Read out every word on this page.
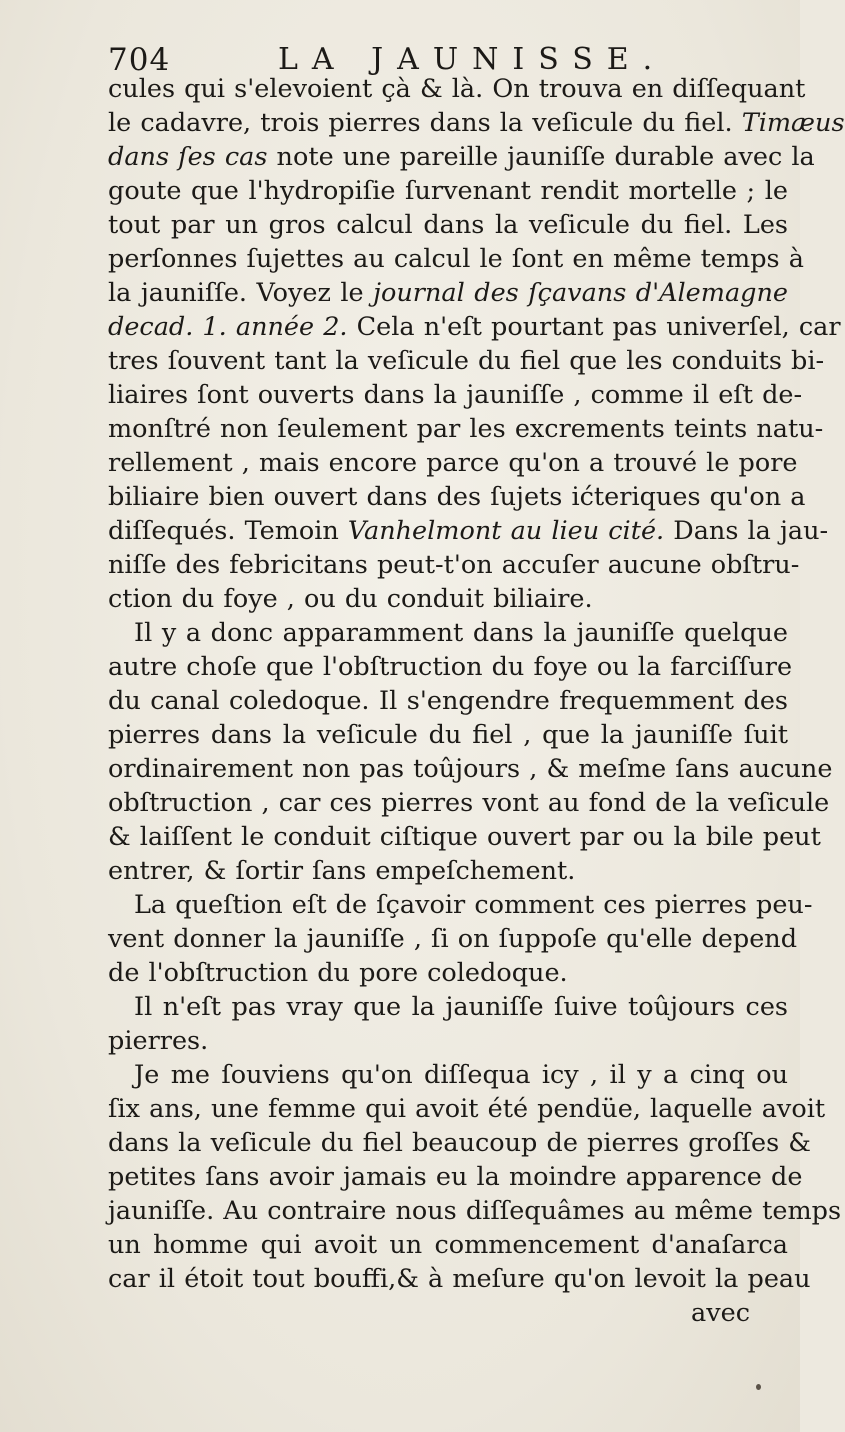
704	LA JAUNISSE.
cules qui s'elevoient çà & là. On trouva en diſſequant
le cadavre, trois pierres dans la veſicule du fiel. Timæus
dans ſes cas note une pareille jauniſſe durable avec la
goute que l'hydropiſie ſurvenant rendit mortelle ; le
tout par un gros calcul dans la veſicule du fiel. Les
perſonnes ſujettes au calcul le ſont en même temps à
la jauniſſe. Voyez le journal des ſçavans d'Alemagne
decad. 1. année 2. Cela n'eſt pourtant pas univerſel, car
tres ſouvent tant la veſicule du fiel que les conduits bi-
liaires ſont ouverts dans la jauniſſe , comme il eſt de-
monſtré non ſeulement par les excrements teints natu-
rellement , mais encore parce qu'on a trouvé le pore
biliaire bien ouvert dans des ſujets ićteriques qu'on a
diſſequés. Temoin Vanhelmont au lieu cité. Dans la jau-
niſſe des febricitans peut-t'on accuſer aucune obſtru-
ction du foye , ou du conduit biliaire.
Il y a donc apparamment dans la jauniſſe quelque
autre choſe que l'obſtruction du foye ou la farciſſure
du canal coledoque. Il s'engendre frequemment des
pierres dans la veſicule du fiel , que la jauniſſe ſuit
ordinairement non pas toûjours , & meſme ſans aucune
obſtruction , car ces pierres vont au fond de la veſicule
& laiſſent le conduit ciſtique ouvert par ou la bile peut
entrer, & ſortir ſans empeſchement.
La queſtion eſt de ſçavoir comment ces pierres peu-
vent donner la jauniſſe , ſi on ſuppoſe qu'elle depend
de l'obſtruction du pore coledoque.
Il n'eſt pas vray que la jauniſſe ſuive toûjours ces
pierres.
Je me ſouviens qu'on diſſequa icy , il y a cinq ou
ſix ans, une femme qui avoit été pendüe, laquelle avoit
dans la veſicule du fiel beaucoup de pierres groſſes &
petites ſans avoir jamais eu la moindre apparence de
jauniſſe. Au contraire nous diſſequâmes au même temps
un homme qui avoit un commencement d'anaſarca
car il étoit tout bouffi,& à meſure qu'on levoit la peau
avec
